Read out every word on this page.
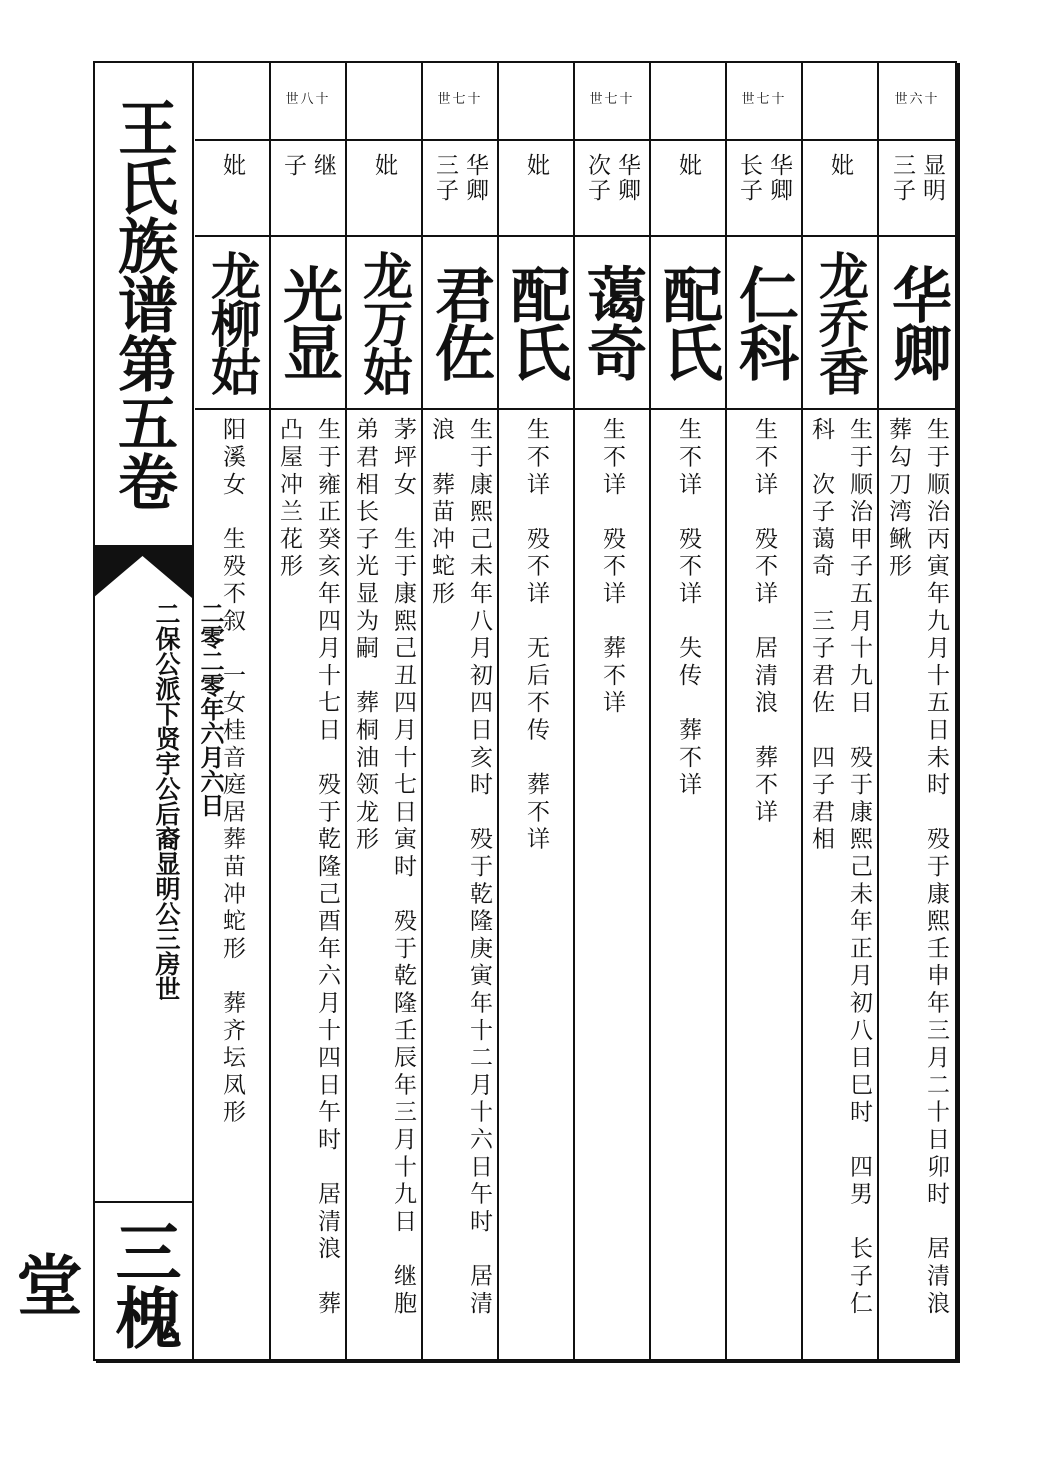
王氏族谱第五卷
二保公派下贤宇公后裔显明公三房世 二零二零年六月六日
三槐堂
世六十
显明 三子
华卿
生于顺治丙寅年九月十五日未时　殁于康熙壬申年三月二十日卯时　居清浪
葬勾刀湾鳅形
妣
龙乔香
生于顺治甲子五月十九日　殁于康熙己未年正月初八日巳时　四男　长子仁
科　次子蔼奇　三子君佐　四子君相
世七十
华卿 长子
仁科
生不详　殁不详　居清浪　葬不详
妣
配氏
生不详　殁不详　失传　葬不详
世七十
华卿 次子
蔼奇
生不详　殁不详　葬不详
妣
配氏
生不详　殁不详　无后不传　葬不详
世七十
华卿 三子
君佐
生于康熙己未年八月初四日亥时　殁于乾隆庚寅年十二月十六日午时　居清
浪　葬苗冲蛇形
妣
龙万姑
茅坪女　生于康熙己丑四月十七日寅时　殁于乾隆壬辰年三月十九日　继胞
弟君相长子光显为嗣　葬桐油领龙形
世八十
继 子
光显
生于雍正癸亥年四月十七日　殁于乾隆己酉年六月十四日午时　居清浪　葬
凸屋冲兰花形
妣
龙柳姑
阳溪女　生殁不叙　一女桂音庭居葬苗冲蛇形　葬齐坛凤形
